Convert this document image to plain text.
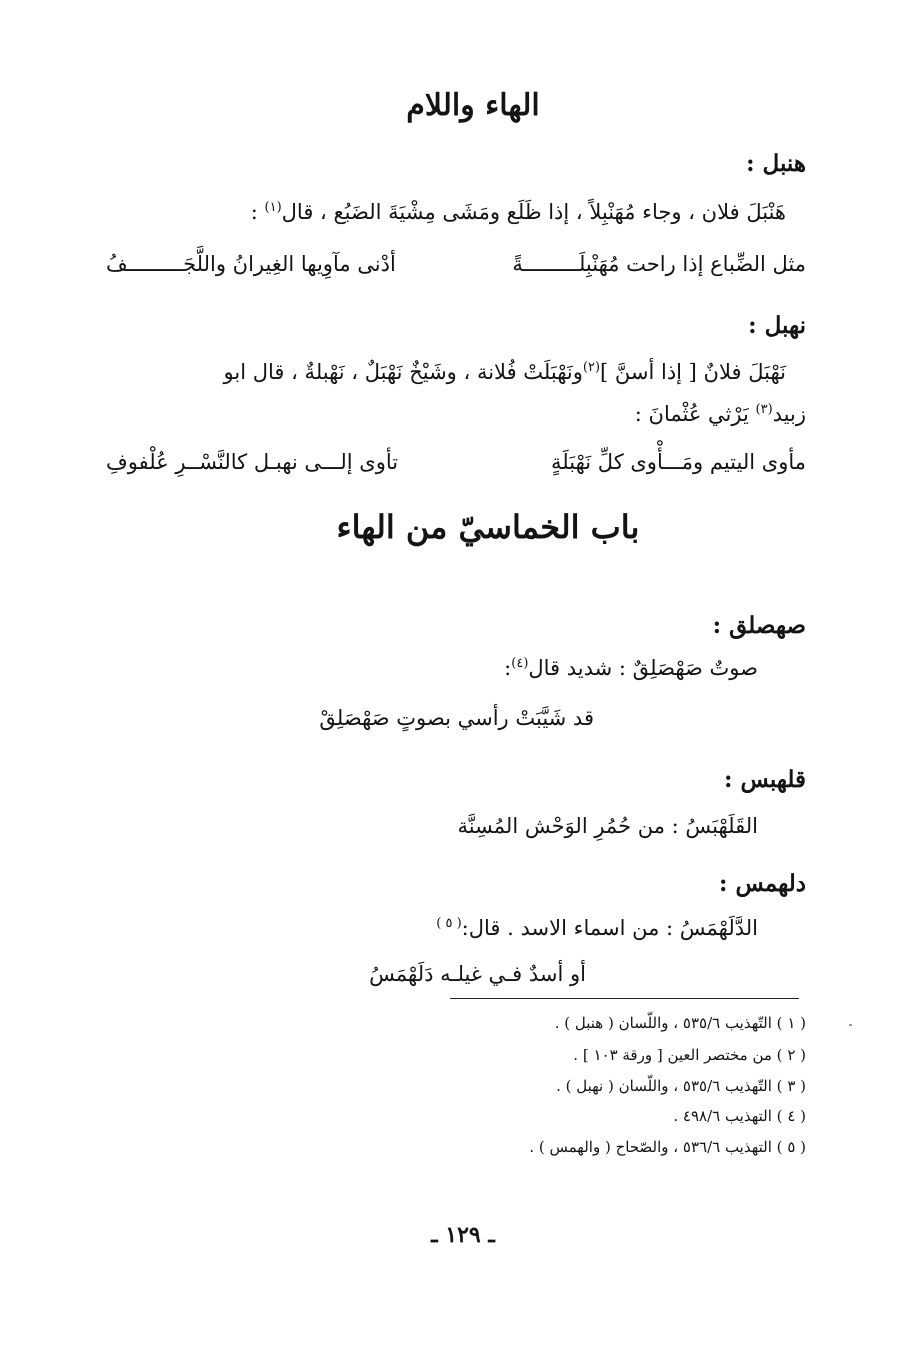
الهاء واللام
هنبل :
هَنْبَلَ فلان ، وجاء مُهَنْبِلاً ، إذا ظَلَع ومَشَى مِشْيَةَ الضَبُع ، قال$^{(١)}$ :
مثل الضِّباع إذا راحت مُهَنْبِلَـــــــــةً
أدْنى مآوِيها الغِيرانُ واللَّجَـــــــــفُ
نهبل :
نَهْبَلَ فلانٌ [ إذا أسنَّ ]$^{(٢)}$ونَهْبَلَتْ فُلانة ، وشَيْخٌ نَهْبَلٌ ، نَهْبلةٌ ، قال ابو
زبيد$^{(٣)}$ يَرْثي عُثْمانَ :
مأوى اليتيم ومَـــأْوى كلِّ نَهْبَلَةٍ
تأوى إلـــى نهبـل كالنَّسْــرِ عُلْفوفِ
باب الخماسيّ من الهاء
صهصلق :
صوتٌ صَهْصَلِقٌ : شديد قال$^{(٤)}$:
قد شَيَّبَتْ رأسي بصوتٍ صَهْصَلِقْ
قلهبس :
القَلَهْبَسُ : من حُمُرِ الوَحْش المُسِنَّة
دلهمس :
الدَّلَهْمَسُ : من اسماء الاسد . قال:$^{( ٥ )}$
أو أسدٌ فـي غيلـه دَلَهْمَسُ
( ١ ) التّهذيب ٥٣٥/٦ ، واللّسان ( هنبل ) .
( ٢ ) من مختصر العين [ ورقة ١٠٣ ] .
( ٣ ) التّهذيب ٥٣٥/٦ ، واللّسان ( نهبل ) .
( ٤ ) التهذيب ٤٩٨/٦ .
( ٥ ) التهذيب ٥٣٦/٦ ، والصّحاح ( والهمس ) .
ـ ١٢٩ ـ
